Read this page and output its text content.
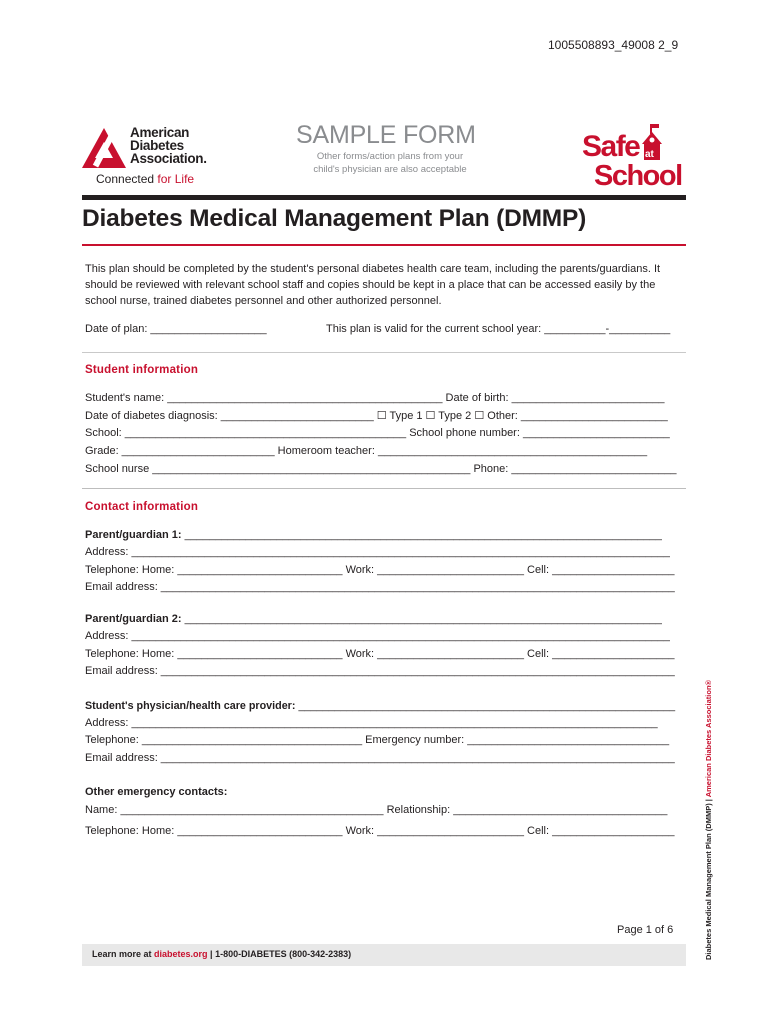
1005508893_49008 2_9
American
Diabetes
Association.
Connected for Life
SAMPLE FORM
Other forms/action plans from your child's physician are also acceptable
Safe at
School
Diabetes Medical Management Plan (DMMP)
This plan should be completed by the student's personal diabetes health care team, including the parents/guardians. It should be reviewed with relevant school staff and copies should be kept in a place that can be accessed easily by the school nurse, trained diabetes personnel and other authorized personnel.
Date of plan: ___________________	This plan is valid for the current school year: __________-__________
Student information
Student's name: _____________________________________________ Date of birth: _________________________
Date of diabetes diagnosis: _________________________ ☐ Type 1 ☐ Type 2 ☐ Other: ________________________
School: ______________________________________________ School phone number: ________________________
Grade: _________________________ Homeroom teacher: ____________________________________________
School nurse ____________________________________________________ Phone: ___________________________
Contact information
Parent/guardian 1: ______________________________________________________________________________
Address: ________________________________________________________________________________________
Telephone: Home: ___________________________ Work: ________________________ Cell: ____________________
Email address: ____________________________________________________________________________________
Parent/guardian 2: ______________________________________________________________________________
Address: ________________________________________________________________________________________
Telephone: Home: ___________________________ Work: ________________________ Cell: ____________________
Email address: ____________________________________________________________________________________
Student's physician/health care provider: _______________________________________________________________
Address: ______________________________________________________________________________________
Telephone: ____________________________________ Emergency number: _________________________________
Email address: ____________________________________________________________________________________
Other emergency contacts:
Name: ___________________________________________ Relationship: ___________________________________
Telephone: Home: ___________________________ Work: ________________________ Cell: ____________________
Page 1 of 6
Learn more at diabetes.org | 1-800-DIABETES (800-342-2383)	Diabetes Medical Management Plan (DMMP) | American Diabetes Association®
